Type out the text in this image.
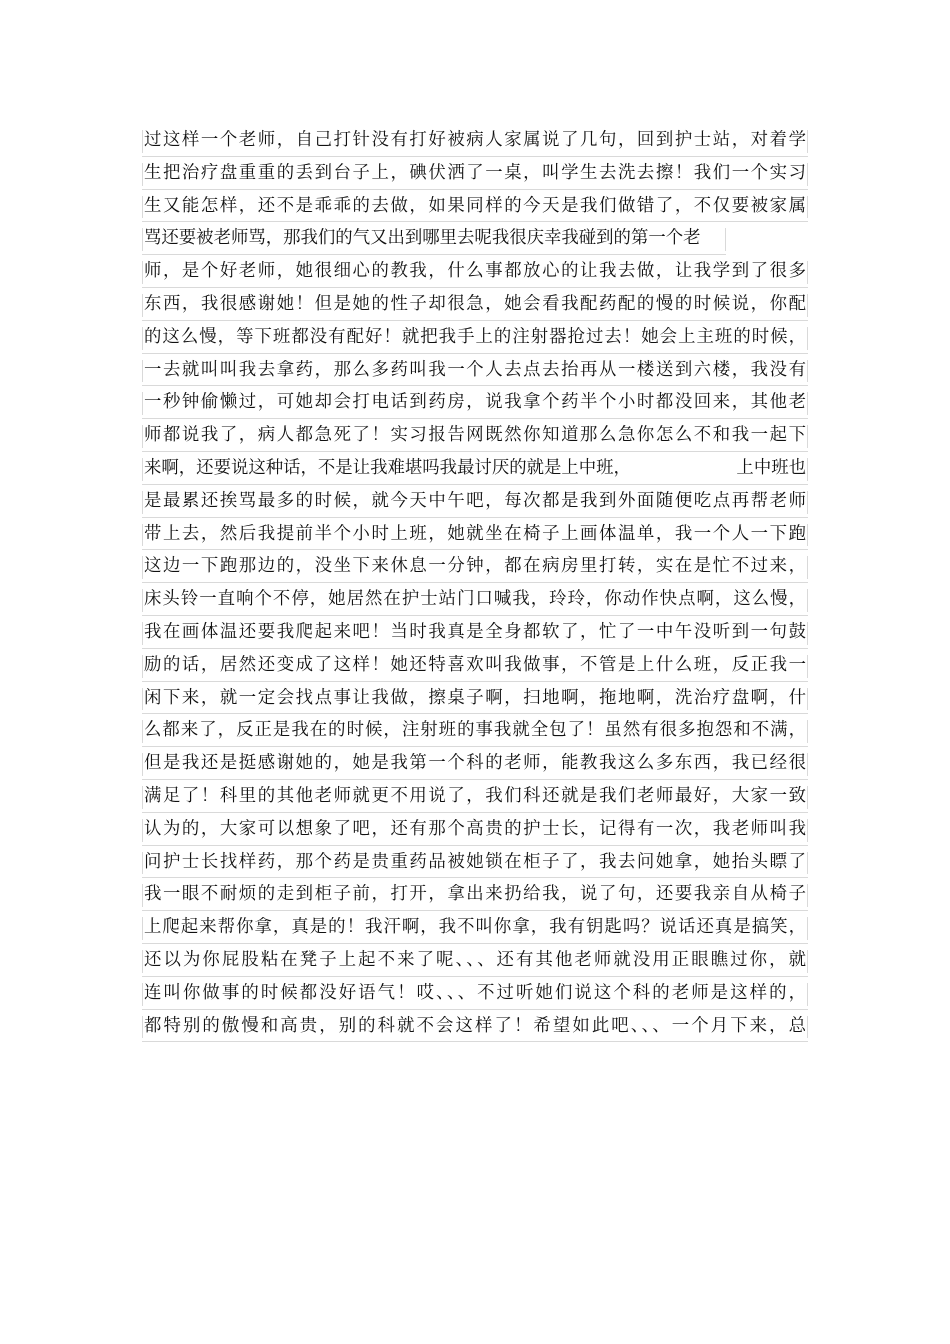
过这样一个老师，自己打针没有打好被病人家属说了几句，回到护士站，对着学
生把治疗盘重重的丢到台子上，碘伏洒了一桌，叫学生去洗去擦！我们一个实习
生又能怎样，还不是乖乖的去做，如果同样的今天是我们做错了，不仅要被家属
骂还要被老师骂，那我们的气又出到哪里去呢我很庆幸我碰到的第一个老
师，是个好老师，她很细心的教我，什么事都放心的让我去做，让我学到了很多
东西，我很感谢她！但是她的性子却很急，她会看我配药配的慢的时候说，你配
的这么慢，等下班都没有配好！就把我手上的注射器抢过去！她会上主班的时候，
一去就叫叫我去拿药，那么多药叫我一个人去点去抬再从一楼送到六楼，我没有
一秒钟偷懒过，可她却会打电话到药房，说我拿个药半个小时都没回来，其他老
师都说我了，病人都急死了！实习报告网既然你知道那么急你怎么不和我一起下
来啊，还要说这种话，不是让我难堪吗我最讨厌的就是上中班，	上中班也
是最累还挨骂最多的时候，就今天中午吧，每次都是我到外面随便吃点再帮老师
带上去，然后我提前半个小时上班，她就坐在椅子上画体温单，我一个人一下跑
这边一下跑那边的，没坐下来休息一分钟，都在病房里打转，实在是忙不过来，
床头铃一直响个不停，她居然在护士站门口喊我，玲玲，你动作快点啊，这么慢，
我在画体温还要我爬起来吧！当时我真是全身都软了，忙了一中午没听到一句鼓
励的话，居然还变成了这样！她还特喜欢叫我做事，不管是上什么班，反正我一
闲下来，就一定会找点事让我做，擦桌子啊，扫地啊，拖地啊，洗治疗盘啊，什
么都来了，反正是我在的时候，注射班的事我就全包了！虽然有很多抱怨和不满，
但是我还是挺感谢她的，她是我第一个科的老师，能教我这么多东西，我已经很
满足了！科里的其他老师就更不用说了，我们科还就是我们老师最好，大家一致
认为的，大家可以想象了吧，还有那个高贵的护士长，记得有一次，我老师叫我
问护士长找样药，那个药是贵重药品被她锁在柜子了，我去问她拿，她抬头瞟了
我一眼不耐烦的走到柜子前，打开，拿出来扔给我，说了句，还要我亲自从椅子
上爬起来帮你拿，真是的！我汗啊，我不叫你拿，我有钥匙吗？说话还真是搞笑，
还以为你屁股粘在凳子上起不来了呢、、、还有其他老师就没用正眼瞧过你，就
连叫你做事的时候都没好语气！哎、、、不过听她们说这个科的老师是这样的，
都特别的傲慢和高贵，别的科就不会这样了！希望如此吧、、、一个月下来，总
